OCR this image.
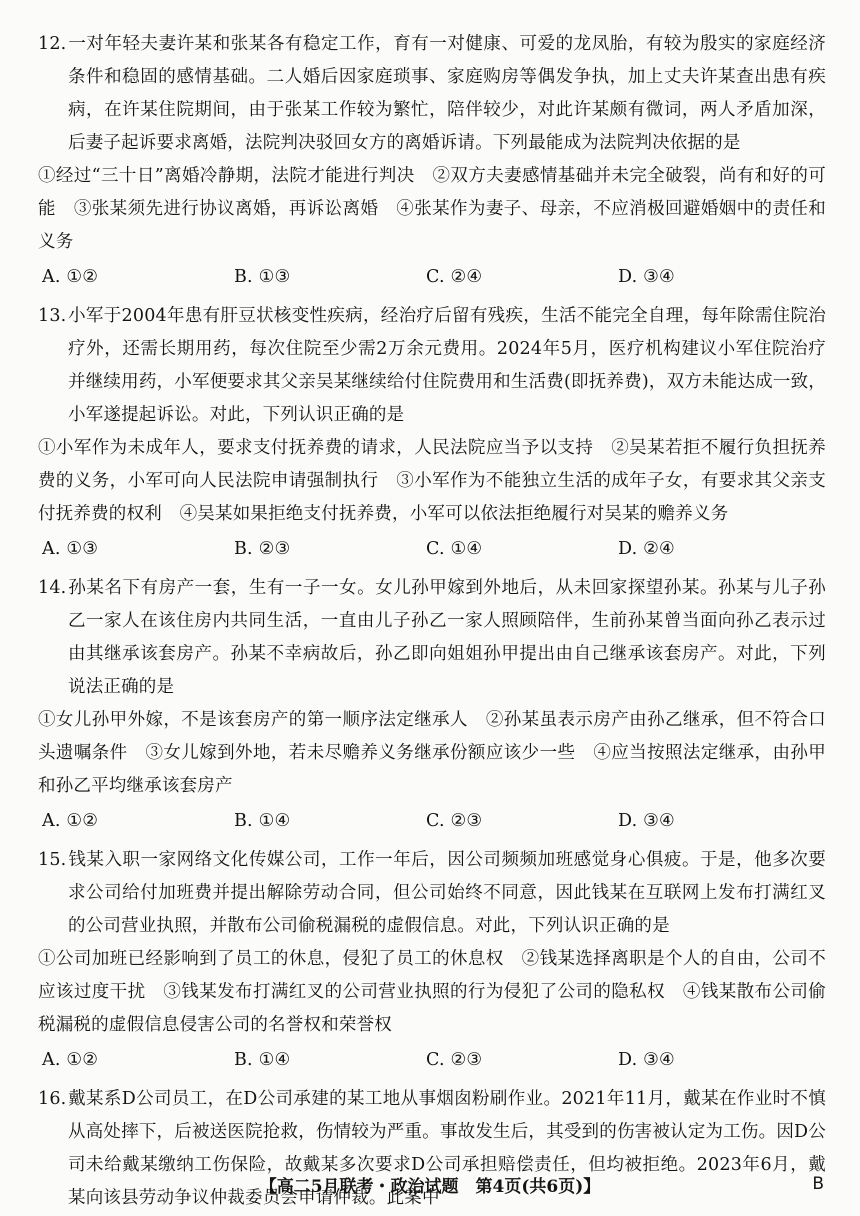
12.一对年轻夫妻许某和张某各有稳定工作，育有一对健康、可爱的龙凤胎，有较为殷实的家庭经济条件和稳固的感情基础。二人婚后因家庭琐事、家庭购房等偶发争执，加上丈夫许某查出患有疾病，在许某住院期间，由于张某工作较为繁忙，陪伴较少，对此许某颇有微词，两人矛盾加深，后妻子起诉要求离婚，法院判决驳回女方的离婚诉请。下列最能成为法院判决依据的是

①经过“三十日”离婚冷静期，法院才能进行判决　②双方夫妻感情基础并未完全破裂，尚有和好的可能　③张某须先进行协议离婚，再诉讼离婚　④张某作为妻子、母亲，不应消极回避婚姻中的责任和义务

A. ①②	B. ①③	C. ②④	D. ③④

13.小军于2004年患有肝豆状核变性疾病，经治疗后留有残疾，生活不能完全自理，每年除需住院治疗外，还需长期用药，每次住院至少需2万余元费用。2024年5月，医疗机构建议小军住院治疗并继续用药，小军便要求其父亲吴某继续给付住院费用和生活费(即抚养费)，双方未能达成一致，小军遂提起诉讼。对此，下列认识正确的是

①小军作为未成年人，要求支付抚养费的请求，人民法院应当予以支持　②吴某若拒不履行负担抚养费的义务，小军可向人民法院申请强制执行　③小军作为不能独立生活的成年子女，有要求其父亲支付抚养费的权利　④吴某如果拒绝支付抚养费，小军可以依法拒绝履行对吴某的赡养义务

A. ①③	B. ②③	C. ①④	D. ②④

14.孙某名下有房产一套，生有一子一女。女儿孙甲嫁到外地后，从未回家探望孙某。孙某与儿子孙乙一家人在该住房内共同生活，一直由儿子孙乙一家人照顾陪伴，生前孙某曾当面向孙乙表示过由其继承该套房产。孙某不幸病故后，孙乙即向姐姐孙甲提出由自己继承该套房产。对此，下列说法正确的是

①女儿孙甲外嫁，不是该套房产的第一顺序法定继承人　②孙某虽表示房产由孙乙继承，但不符合口头遗嘱条件　③女儿嫁到外地，若未尽赡养义务继承份额应该少一些　④应当按照法定继承，由孙甲和孙乙平均继承该套房产

A. ①②	B. ①④	C. ②③	D. ③④

15.钱某入职一家网络文化传媒公司，工作一年后，因公司频频加班感觉身心俱疲。于是，他多次要求公司给付加班费并提出解除劳动合同，但公司始终不同意，因此钱某在互联网上发布打满红叉的公司营业执照，并散布公司偷税漏税的虚假信息。对此，下列认识正确的是

①公司加班已经影响到了员工的休息，侵犯了员工的休息权　②钱某选择离职是个人的自由，公司不应该过度干扰　③钱某发布打满红叉的公司营业执照的行为侵犯了公司的隐私权　④钱某散布公司偷税漏税的虚假信息侵害公司的名誉权和荣誉权

A. ①②	B. ①④	C. ②③	D. ③④

16.戴某系D公司员工，在D公司承建的某工地从事烟囱粉刷作业。2021年11月，戴某在作业时不慎从高处摔下，后被送医院抢救，伤情较为严重。事故发生后，其受到的伤害被认定为工伤。因D公司未给戴某缴纳工伤保险，故戴某多次要求D公司承担赔偿责任，但均被拒绝。2023年6月，戴某向该县劳动争议仲裁委员会申请仲裁。此案中

【高二5月联考・政治试题　第4页(共6页)】	B
